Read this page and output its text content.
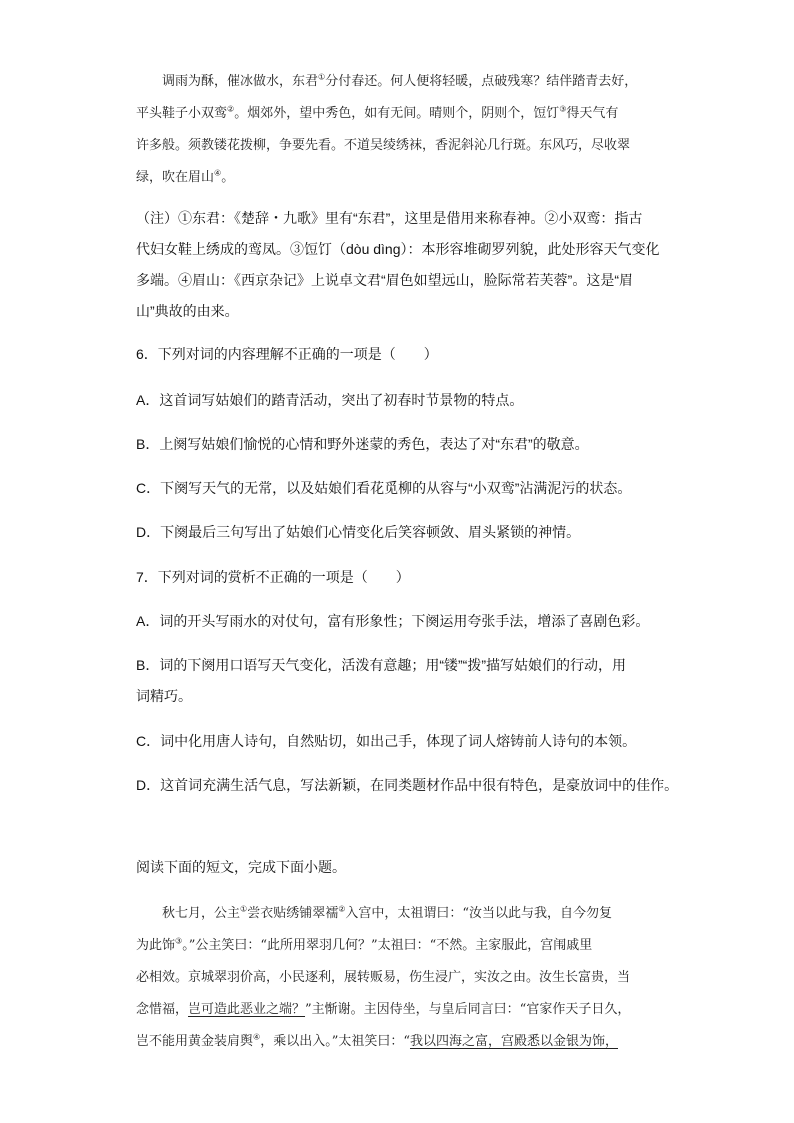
调雨为酥，催冰做水，东君①分付春还。何人便将轻暖，点破残寒？结伴踏青去好，
平头鞋子小双鸾②。烟郊外，望中秀色，如有无间。晴则个，阴则个，饾饤③得天气有
许多般。须教镂花拨柳，争要先看。不道吴绫绣袜，香泥斜沁几行斑。东风巧，尽收翠
绿，吹在眉山④。
（注）①东君：《楚辞・九歌》里有“东君”，这里是借用来称春神。②小双鸾：指古
代妇女鞋上绣成的鸾凤。③饾饤（dòu dìng）：本形容堆砌罗列貌，此处形容天气变化
多端。④眉山：《西京杂记》上说卓文君“眉色如望远山，脸际常若芙蓉”。这是“眉
山”典故的由来。
6．下列对词的内容理解不正确的一项是（　　）
A．这首词写姑娘们的踏青活动，突出了初春时节景物的特点。
B．上阕写姑娘们愉悦的心情和野外迷蒙的秀色，表达了对“东君”的敬意。
C．下阕写天气的无常，以及姑娘们看花觅柳的从容与“小双鸾”沾满泥污的状态。
D．下阕最后三句写出了姑娘们心情变化后笑容顿敛、眉头紧锁的神情。
7．下列对词的赏析不正确的一项是（　　）
A．词的开头写雨水的对仗句，富有形象性；下阕运用夸张手法，增添了喜剧色彩。
B．词的下阕用口语写天气变化，活泼有意趣；用“镂”“拨”描写姑娘们的行动，用
词精巧。
C．词中化用唐人诗句，自然贴切，如出己手，体现了词人熔铸前人诗句的本领。
D．这首词充满生活气息，写法新颖，在同类题材作品中很有特色，是豪放词中的佳作。
阅读下面的短文，完成下面小题。
秋七月，公主①尝衣贴绣铺翠襦②入宫中，太祖谓曰：“汝当以此与我，自今勿复
为此饰③。”公主笑曰：“此所用翠羽几何？”太祖曰：“不然。主家服此，宫闱戚里
必相效。京城翠羽价高，小民逐利，展转贩易，伤生浸广，实汝之由。汝生长富贵，当
念惜福，岂可造此恶业之端？”主惭谢。主因侍坐，与皇后同言曰：“官家作天子日久，
岂不能用黄金装肩舆④，乘以出入。”太祖笑曰：“我以四海之富，宫殿悉以金银为饰，
